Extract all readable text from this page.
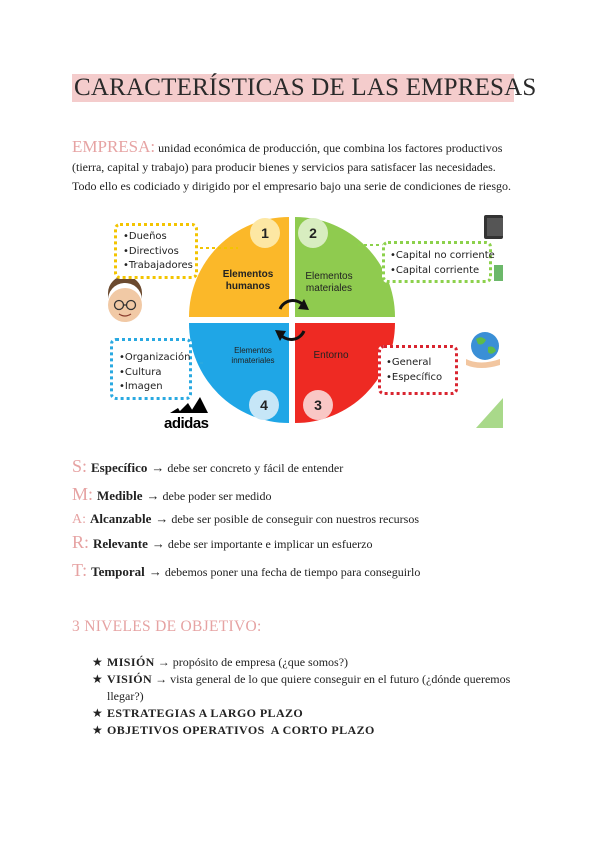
CARACTERÍSTICAS DE LAS EMPRESAS
EMPRESA: unidad económica de producción, que combina los factores productivos (tierra, capital y trabajo) para producir bienes y servicios para satisfacer las necesidades. Todo ello es codiciado y dirigido por el empresario bajo una serie de condiciones de riesgo.
•Dueños
•Directivos
•Trabajadores
•Capital no corriente
•Capital corriente
•Organización
•Cultura
•Imagen
•General
•Específico
Elementos humanos
Elementos materiales
Elementos inmateriales	Entorno
1	2
4	3
adidas
S: Específico → debe ser concreto y fácil de entender
M: Medible → debe poder ser medido
A: Alcanzable → debe ser posible de conseguir con nuestros recursos
R: Relevante → debe ser importante e implicar un esfuerzo
T: Temporal → debemos poner una fecha de tiempo para conseguirlo
3 NIVELES DE OBJETIVO:
★ MISIÓN → propósito de empresa (¿que somos?)
★ VISIÓN → vista general de lo que quiere conseguir en el futuro (¿dónde queremos llegar?)
★ ESTRATEGIAS A LARGO PLAZO
★ OBJETIVOS OPERATIVOS  A CORTO PLAZO
